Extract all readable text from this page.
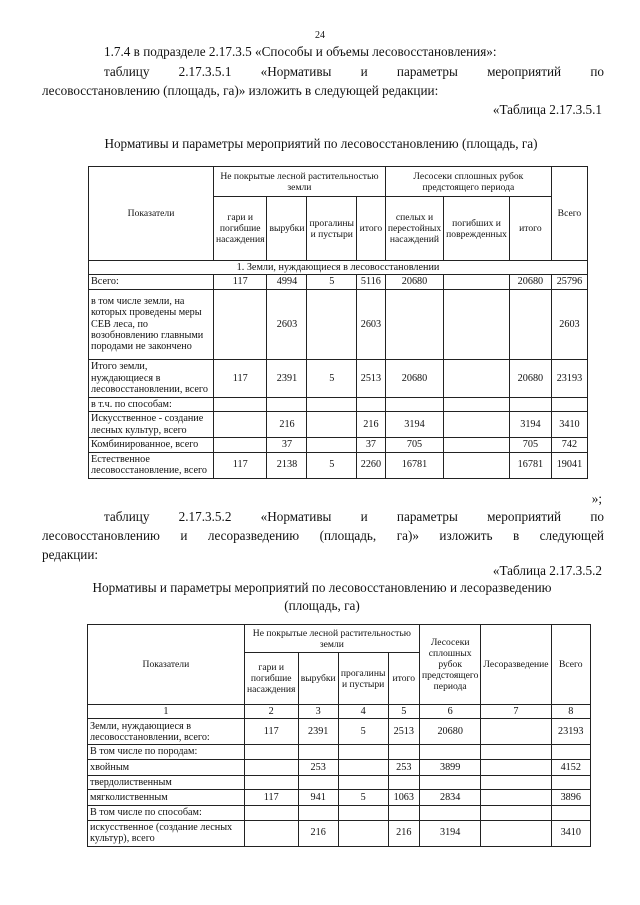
24
1.7.4 в подразделе 2.17.3.5 «Способы и объемы лесовосстановления»:
таблицу 2.17.3.5.1 «Нормативы и параметры мероприятий по
лесовосстановлению (площадь, га)» изложить в следующей редакции:
«Таблица 2.17.3.5.1
Нормативы и параметры мероприятий по лесовосстановлению (площадь, га)
Показатели	Не покрытые лесной растительностью земли				Лесосеки сплошных рубок предстоящего периода			Всего
	гари и погибшие насаждения	вырубки	прогалины и пустыри	итого	спелых и перестойных насаждений	погибших и поврежденных	итого	
1. Земли, нуждающиеся в лесовосстановлении								
Всего:	117	4994	5	5116	20680		20680	25796
в том числе земли, на которых проведены меры СЕВ леса, по возобновлению главными породами не закончено		2603		2603				2603
Итого земли, нуждающиеся в лесовосстановлении, всего	117	2391	5	2513	20680		20680	23193
в т.ч. по способам:								
Искусственное - создание лесных культур, всего		216		216	3194		3194	3410
Комбинированное, всего		37		37	705		705	742
Естественное лесовосстановление, всего	117	2138	5	2260	16781		16781	19041
»;
таблицу 2.17.3.5.2 «Нормативы и параметры мероприятий по
лесовосстановлению и лесоразведению (площадь, га)» изложить в следующей
редакции:
«Таблица 2.17.3.5.2
Нормативы и параметры мероприятий по лесовосстановлению и лесоразведению
(площадь, га)
Показатели	Не покрытые лесной растительностью земли				Лесосеки сплошных рубок предстоящего периода	Лесоразведение	Всего
	гари и погибшие насаждения	вырубки	прогалины и пустыри	итого			
1	2	3	4	5	6	7	8
Земли, нуждающиеся в лесовосстановлении, всего:	117	2391	5	2513	20680		23193
В том числе по породам:							
хвойным		253		253	3899		4152
твердолиственным							
мягколиственным	117	941	5	1063	2834		3896
В том числе по способам:							
искусственное (создание лесных культур), всего		216		216	3194		3410
